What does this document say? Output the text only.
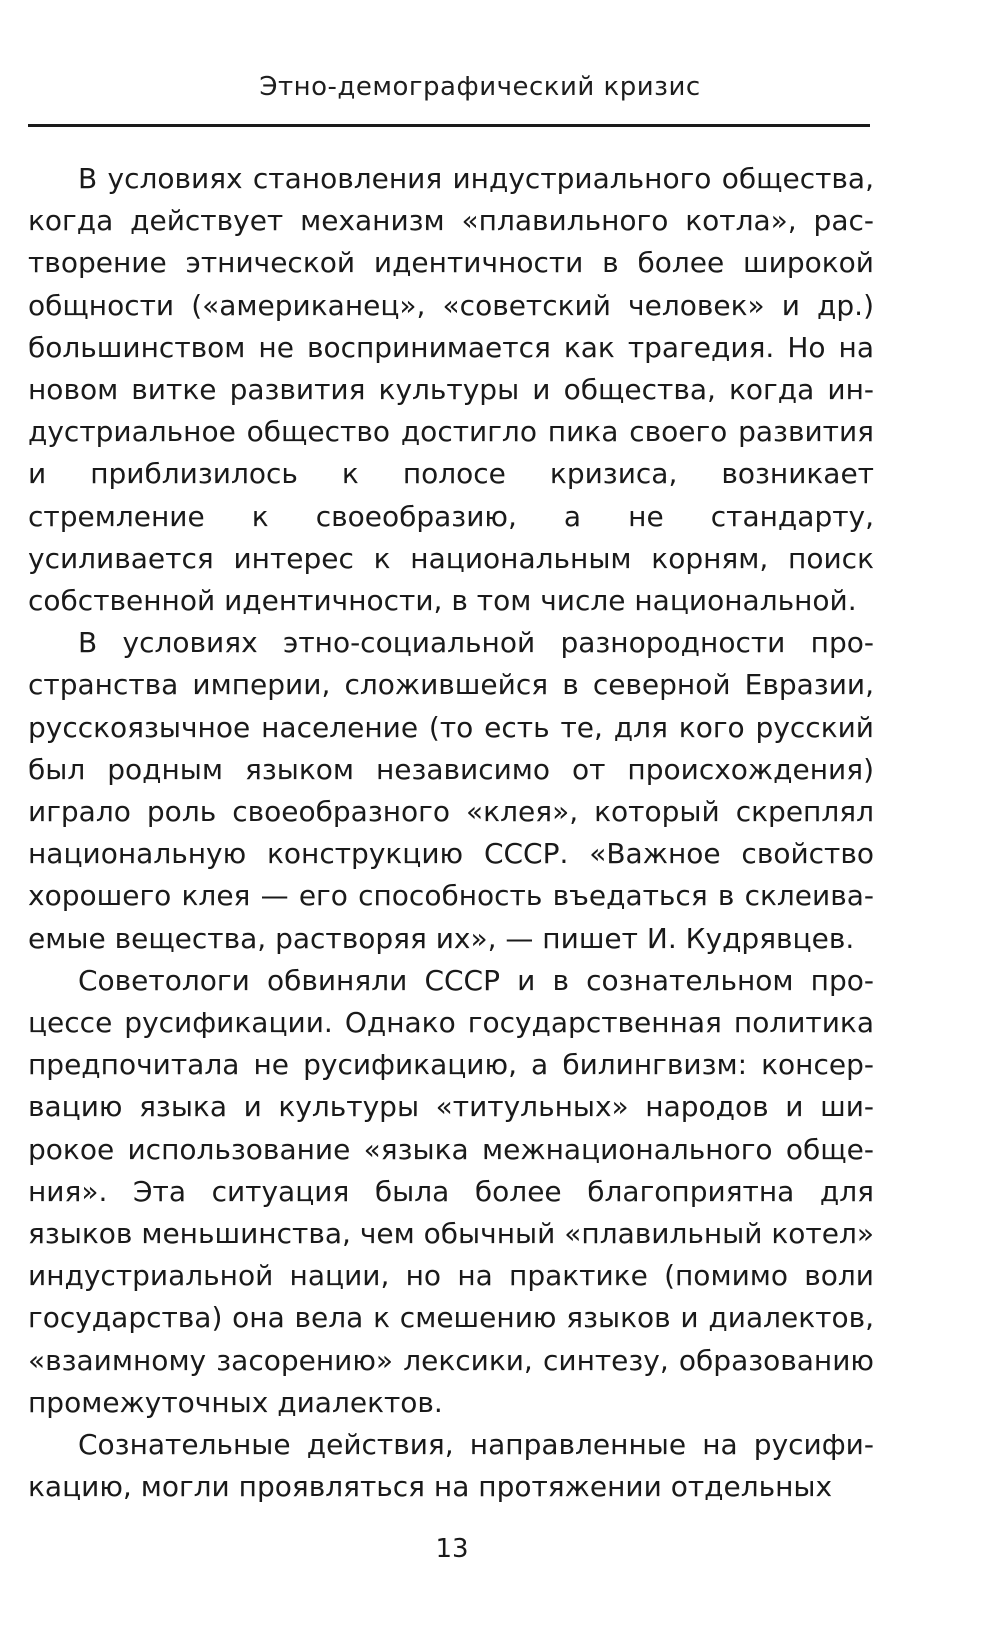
Этно-демографический кризис

В условиях становления индустриального общества, когда действует механизм «плавильного котла», растворение этнической идентичности в более широкой общности («американец», «советский человек» и др.) большинством не воспринимается как трагедия. Но на новом витке развития культуры и общества, когда индустриальное общество достигло пика своего развития и приблизилось к полосе кризиса, возникает стремление к своеобразию, а не стандарту, усиливается интерес к национальным корням, поиск собственной идентичности, в том числе национальной.

В условиях этно-социальной разнородности пространства империи, сложившейся в северной Евразии, русскоязычное население (то есть те, для кого русский был родным языком независимо от происхождения) играло роль своеобразного «клея», который скреплял национальную конструкцию СССР. «Важное свойство хорошего клея — его способность въедаться в склеиваемые вещества, растворяя их», — пишет И. Кудрявцев.

Советологи обвиняли СССР и в сознательном процессе русификации. Однако государственная политика предпочитала не русификацию, а билингвизм: консервацию языка и культуры «титульных» народов и широкое использование «языка межнационального общения». Эта ситуация была более благоприятна для языков меньшинства, чем обычный «плавильный котел» индустриальной нации, но на практике (помимо воли государства) она вела к смешению языков и диалектов, «взаимному засорению» лексики, синтезу, образованию промежуточных диалектов.

Сознательные действия, направленные на русификацию, могли проявляться на протяжении отдельных

13
